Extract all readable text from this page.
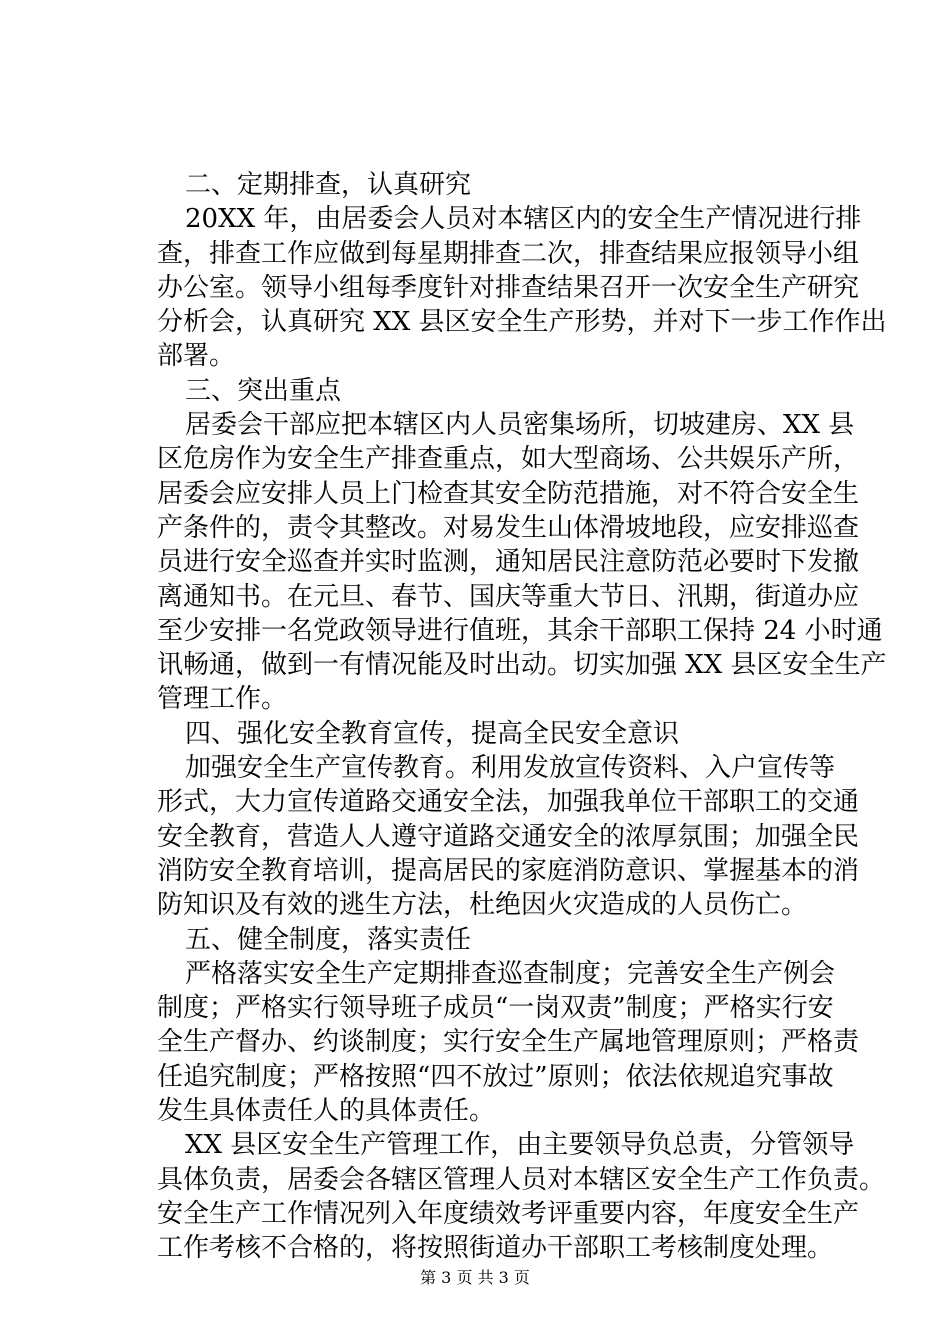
二、定期排查，认真研究
20XX 年，由居委会人员对本辖区内的安全生产情况进行排
查，排查工作应做到每星期排查二次，排查结果应报领导小组
办公室。领导小组每季度针对排查结果召开一次安全生产研究
分析会，认真研究 XX 县区安全生产形势，并对下一步工作作出
部署。
三、突出重点
居委会干部应把本辖区内人员密集场所，切坡建房、XX 县
区危房作为安全生产排查重点，如大型商场、公共娱乐产所，
居委会应安排人员上门检查其安全防范措施，对不符合安全生
产条件的，责令其整改。对易发生山体滑坡地段，应安排巡查
员进行安全巡查并实时监测，通知居民注意防范必要时下发撤
离通知书。在元旦、春节、国庆等重大节日、汛期，街道办应
至少安排一名党政领导进行值班，其余干部职工保持 24 小时通
讯畅通，做到一有情况能及时出动。切实加强 XX 县区安全生产
管理工作。
四、强化安全教育宣传，提高全民安全意识
加强安全生产宣传教育。利用发放宣传资料、入户宣传等
形式，大力宣传道路交通安全法，加强我单位干部职工的交通
安全教育，营造人人遵守道路交通安全的浓厚氛围；加强全民
消防安全教育培训，提高居民的家庭消防意识、掌握基本的消
防知识及有效的逃生方法，杜绝因火灾造成的人员伤亡。
五、健全制度，落实责任
严格落实安全生产定期排查巡查制度；完善安全生产例会
制度；严格实行领导班子成员“一岗双责”制度；严格实行安
全生产督办、约谈制度；实行安全生产属地管理原则；严格责
任追究制度；严格按照“四不放过”原则；依法依规追究事故
发生具体责任人的具体责任。
XX 县区安全生产管理工作，由主要领导负总责，分管领导
具体负责，居委会各辖区管理人员对本辖区安全生产工作负责。
安全生产工作情况列入年度绩效考评重要内容，年度安全生产
工作考核不合格的，将按照街道办干部职工考核制度处理。
第 3 页 共 3 页
